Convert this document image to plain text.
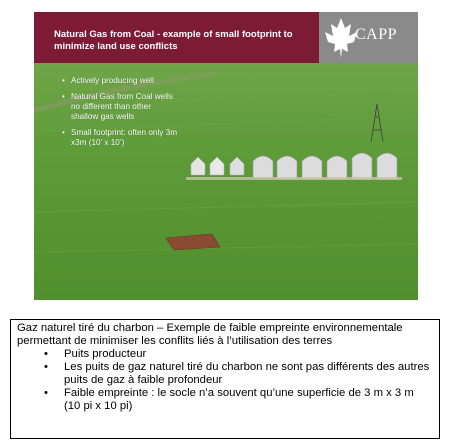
Natural Gas from Coal - example of small footprint to minimize land use conflicts
CAPP
• Actively producing well
• Natural Gas from Coal wells no different than other shallow gas wells
• Small footprint: often only 3m x3m (10’ x 10’)

Gaz naturel tiré du charbon – Exemple de faible empreinte environnementale permettant de minimiser les conflits liés à l’utilisation des terres

• Puits producteur
• Les puits de gaz naturel tiré du charbon ne sont pas différents des autres puits de gaz à faible profondeur
• Faible empreinte : le socle n’a souvent qu’une superficie de 3 m x 3 m (10 pi x 10 pi)
